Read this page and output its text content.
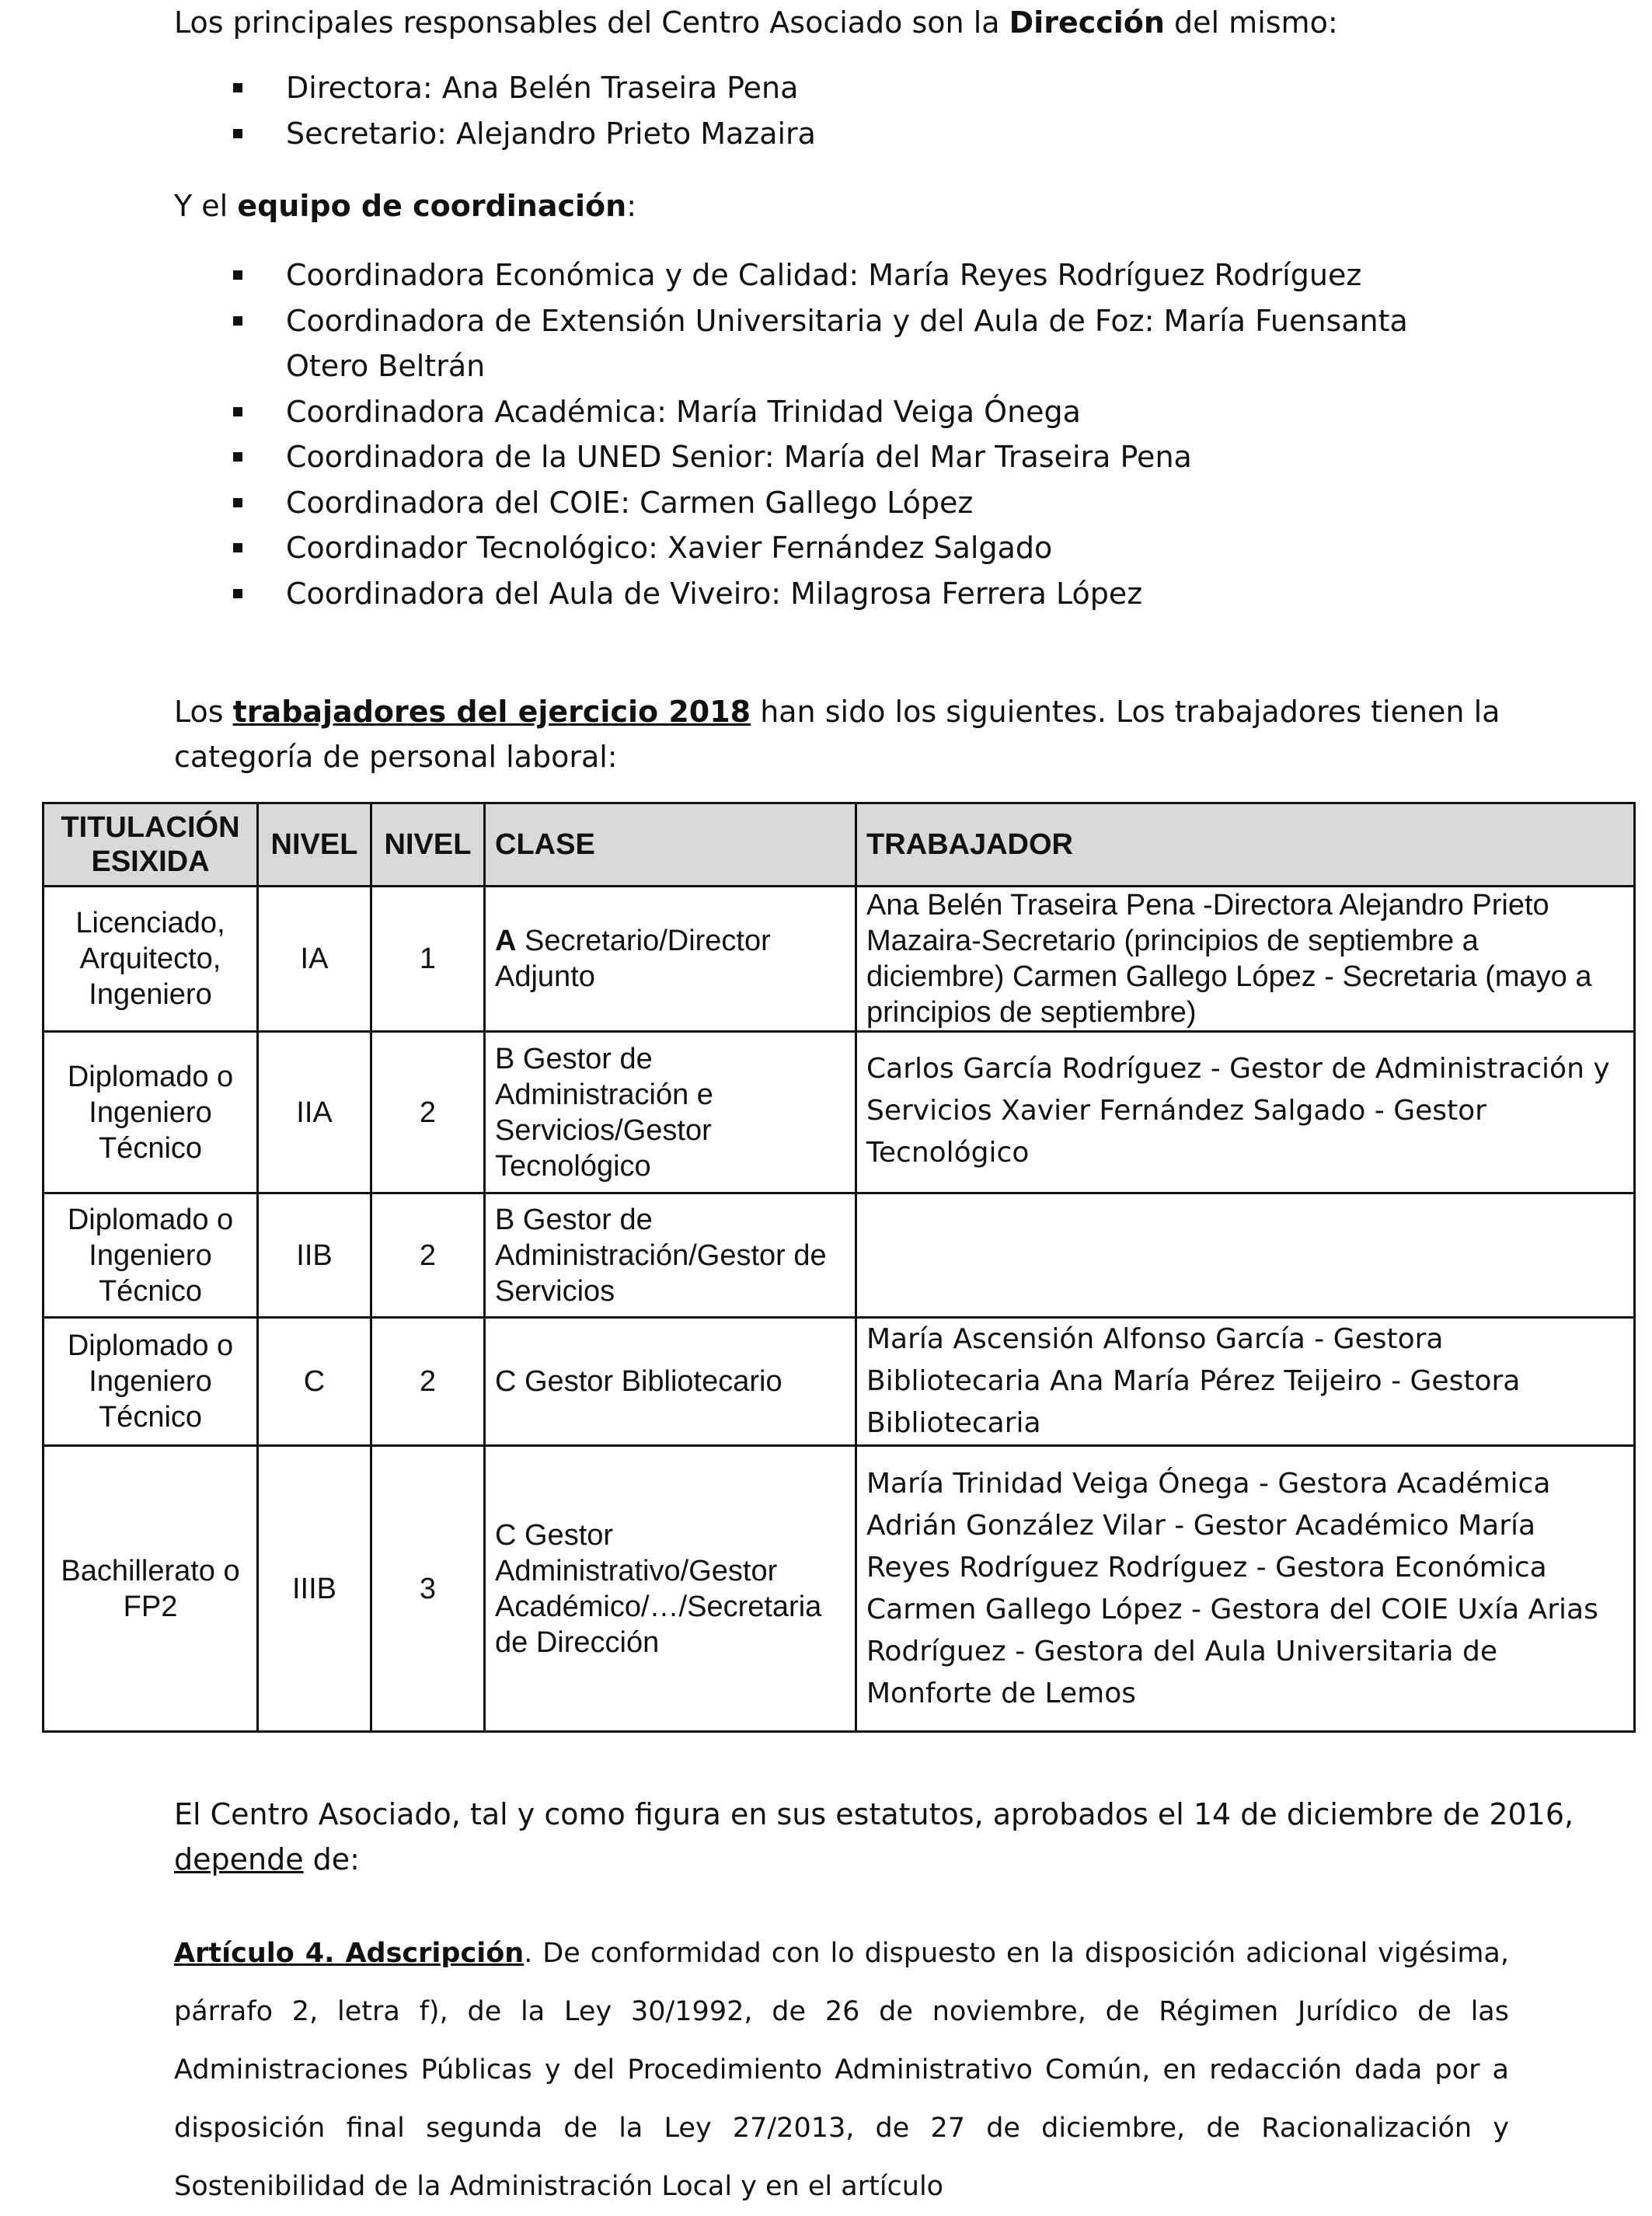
Los principales responsables del Centro Asociado son la Dirección del mismo:
Directora: Ana Belén Traseira Pena
Secretario: Alejandro Prieto Mazaira
Y el equipo de coordinación:
Coordinadora Económica y de Calidad: María Reyes Rodríguez Rodríguez
Coordinadora de Extensión Universitaria y del Aula de Foz: María Fuensanta Otero Beltrán
Coordinadora Académica: María Trinidad Veiga Ónega
Coordinadora de la UNED Senior: María del Mar Traseira Pena
Coordinadora del COIE: Carmen Gallego López
Coordinador Tecnológico: Xavier Fernández Salgado
Coordinadora del Aula de Viveiro: Milagrosa Ferrera López
Los trabajadores del ejercicio 2018 han sido los siguientes. Los trabajadores tienen la
categoría de personal laboral:
TITULACIÓN ESIXIDA	NIVEL	NIVEL	CLASE	TRABAJADOR
Licenciado, Arquitecto, Ingeniero	IA	1	A Secretario/Director Adjunto	Ana Belén Traseira Pena -Directora Alejandro Prieto Mazaira-Secretario (principios de septiembre a diciembre) Carmen Gallego López - Secretaria (mayo a principios de septiembre)
Diplomado o Ingeniero Técnico	IIA	2	B Gestor de Administración e Servicios/Gestor Tecnológico	Carlos García Rodríguez - Gestor de Administración y Servicios Xavier Fernández Salgado - Gestor Tecnológico
Diplomado o Ingeniero Técnico	IIB	2	B Gestor de Administración/Gestor de Servicios	
Diplomado o Ingeniero Técnico	C	2	C Gestor Bibliotecario	María Ascensión Alfonso García - Gestora Bibliotecaria Ana María Pérez Teijeiro - Gestora Bibliotecaria
Bachillerato o FP2	IIIB	3	C Gestor Administrativo/Gestor Académico/…/Secretaria de Dirección	María Trinidad Veiga Ónega - Gestora Académica Adrián González Vilar - Gestor Académico María Reyes Rodríguez Rodríguez - Gestora Económica Carmen Gallego López - Gestora del COIE Uxía Arias Rodríguez - Gestora del Aula Universitaria de Monforte de Lemos
El Centro Asociado, tal y como figura en sus estatutos, aprobados el 14 de diciembre de 2016,
depende de:
Artículo 4. Adscripción. De conformidad con lo dispuesto en la disposición adicional vigésima, párrafo 2, letra f), de la Ley 30/1992, de 26 de noviembre, de Régimen Jurídico de las Administraciones Públicas y del Procedimiento Administrativo Común, en redacción dada por a disposición final segunda de la Ley 27/2013, de 27 de diciembre, de Racionalización y Sostenibilidad de la Administración Local y en el artículo
